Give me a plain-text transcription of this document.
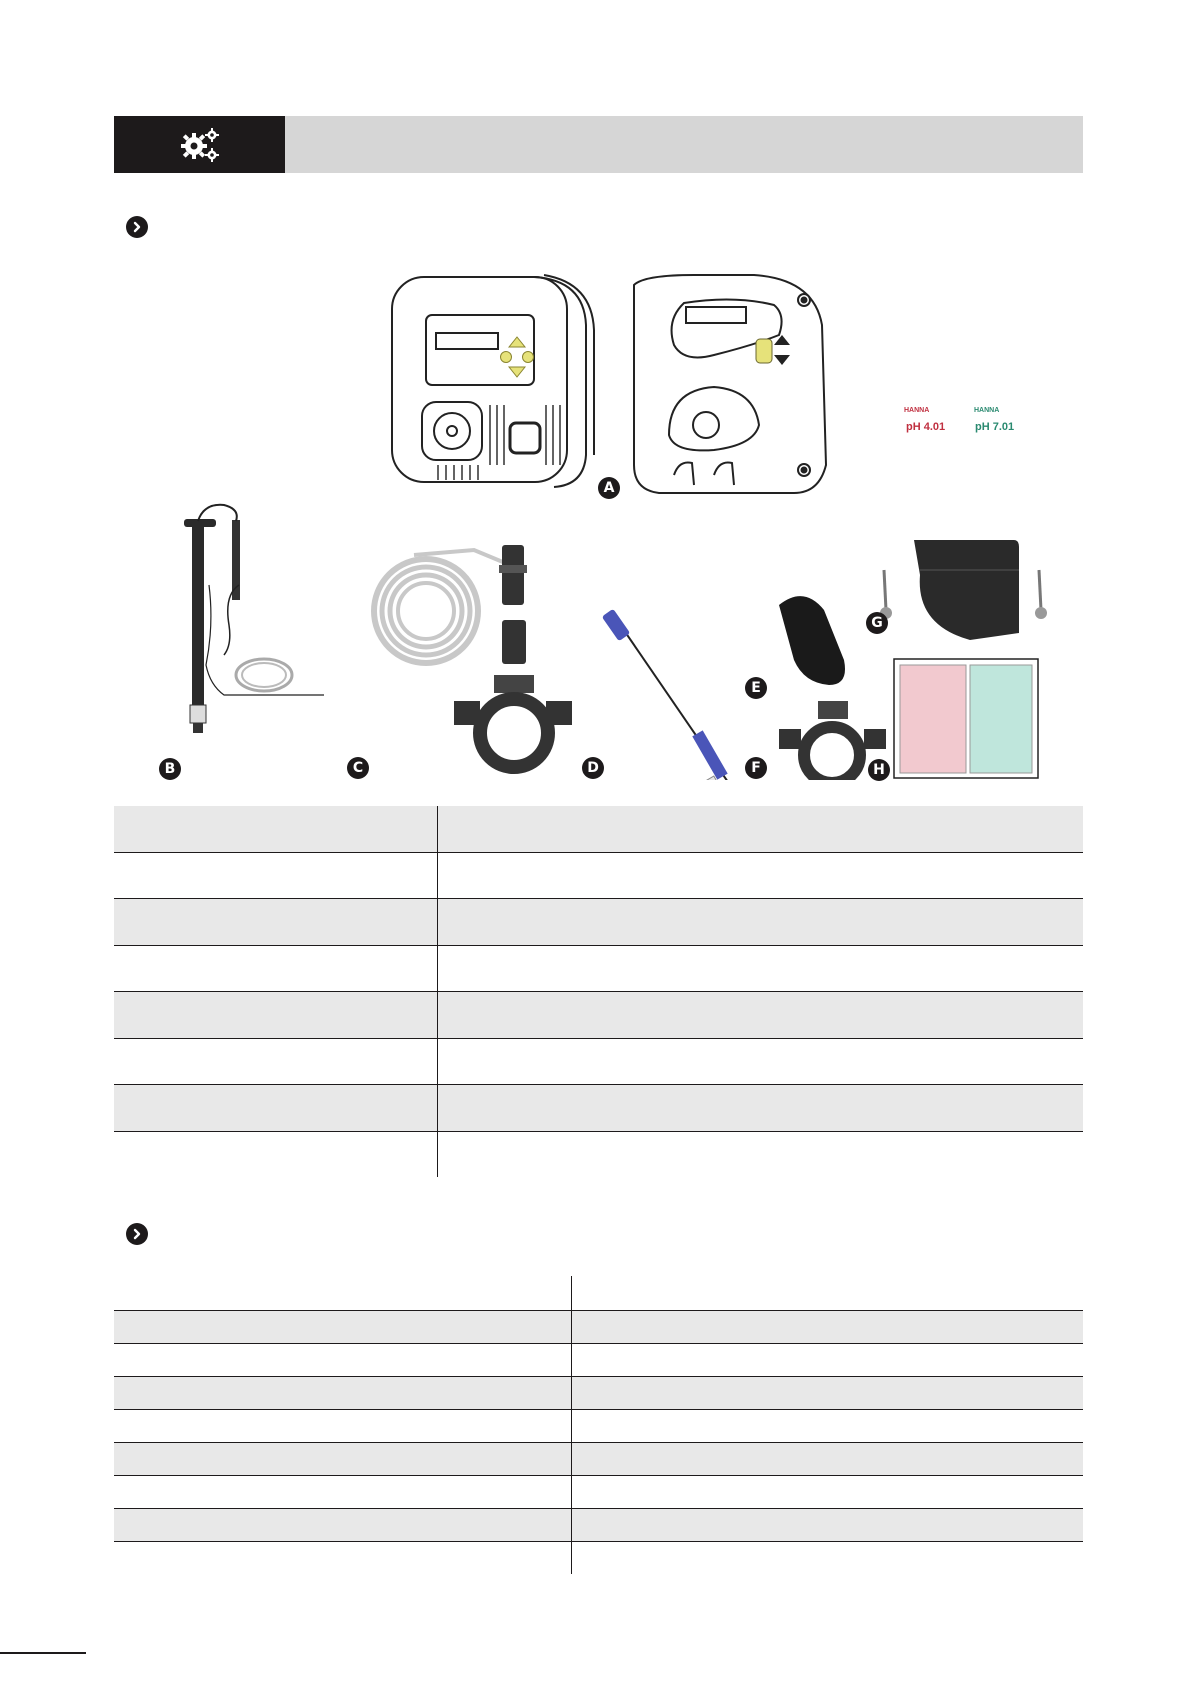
HANNA	HANNA
pH 4.01	pH 7.01
A
B	C	D
E
F
G
H
